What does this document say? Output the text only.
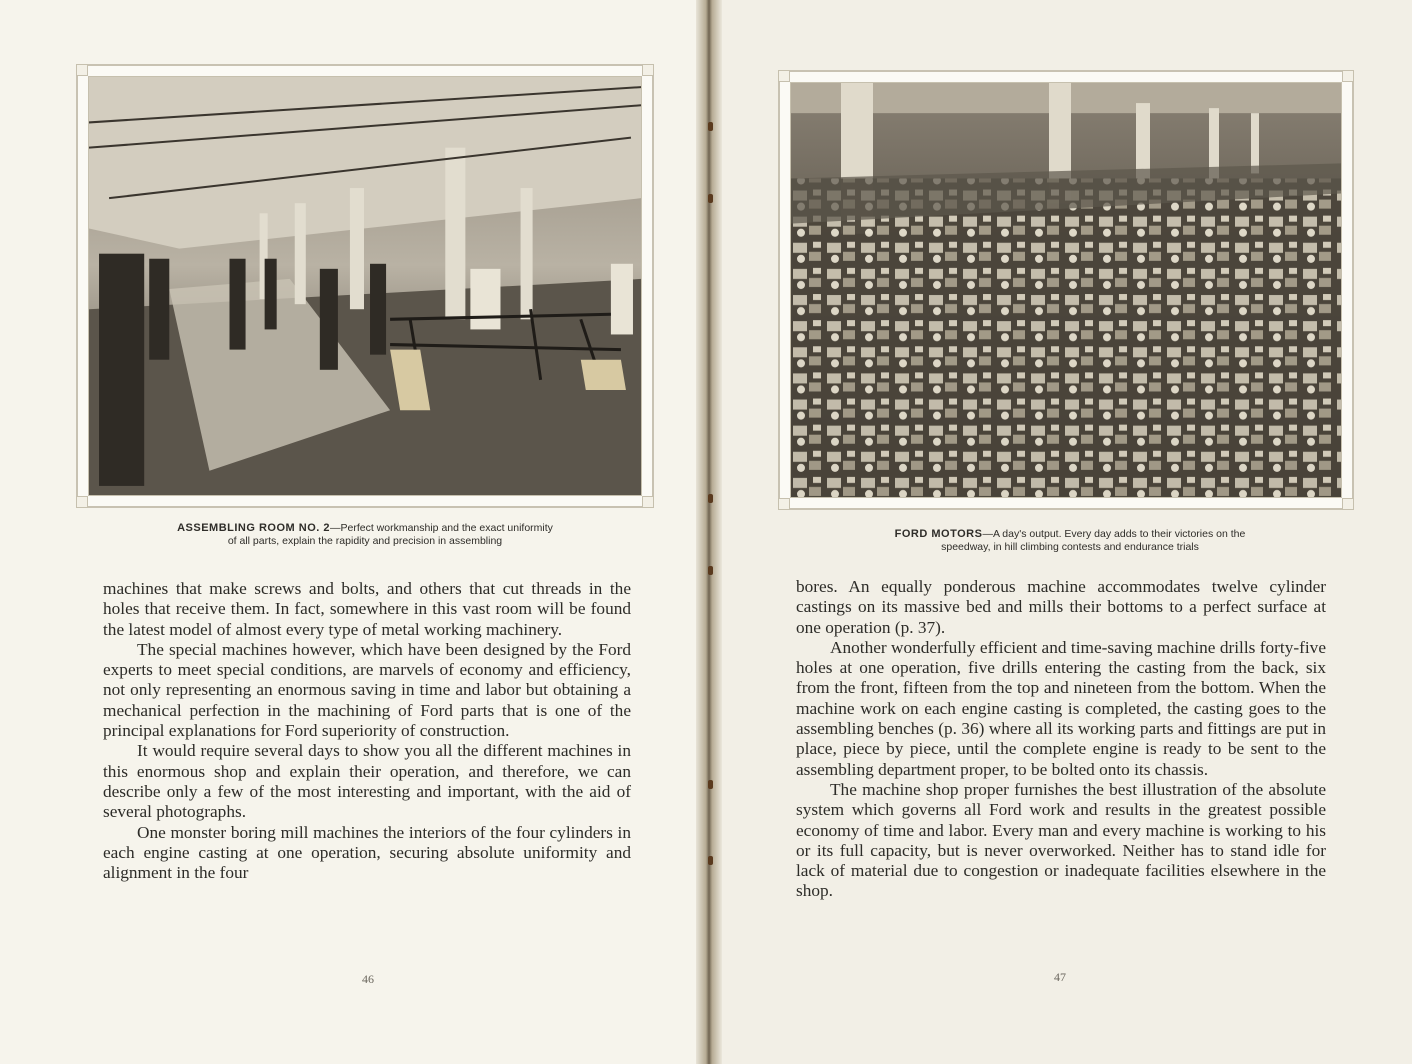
ASSEMBLING ROOM NO. 2—Perfect workmanship and the exact uniformity
of all parts, explain the rapidity and precision in assembling

machines that make screws and bolts, and others that cut threads in the holes that receive them. In fact, somewhere in this vast room will be found the latest model of almost every type of metal working machinery.

The special machines however, which have been designed by the Ford experts to meet special conditions, are marvels of economy and efficiency, not only representing an enormous saving in time and labor but obtaining a mechanical perfection in the machining of Ford parts that is one of the principal explanations for Ford superiority of construction.

It would require several days to show you all the different machines in this enormous shop and explain their operation, and therefore, we can describe only a few of the most interesting and important, with the aid of several photographs.

One monster boring mill machines the interiors of the four cylinders in each engine casting at one operation, securing absolute uniformity and alignment in the four

46
FORD MOTORS—A day's output. Every day adds to their victories on the
speedway, in hill climbing contests and endurance trials

bores. An equally ponderous machine accommodates twelve cylinder castings on its massive bed and mills their bottoms to a perfect surface at one operation (p. 37).

Another wonderfully efficient and time-saving machine drills forty-five holes at one operation, five drills entering the casting from the back, six from the front, fifteen from the top and nineteen from the bottom. When the machine work on each engine casting is completed, the casting goes to the assembling benches (p. 36) where all its working parts and fittings are put in place, piece by piece, until the complete engine is ready to be sent to the assembling department proper, to be bolted onto its chassis.

The machine shop proper furnishes the best illustration of the absolute system which governs all Ford work and results in the greatest possible economy of time and labor. Every man and every machine is working to his or its full capacity, but is never overworked. Neither has to stand idle for lack of material due to congestion or inadequate facilities elsewhere in the shop.

47
